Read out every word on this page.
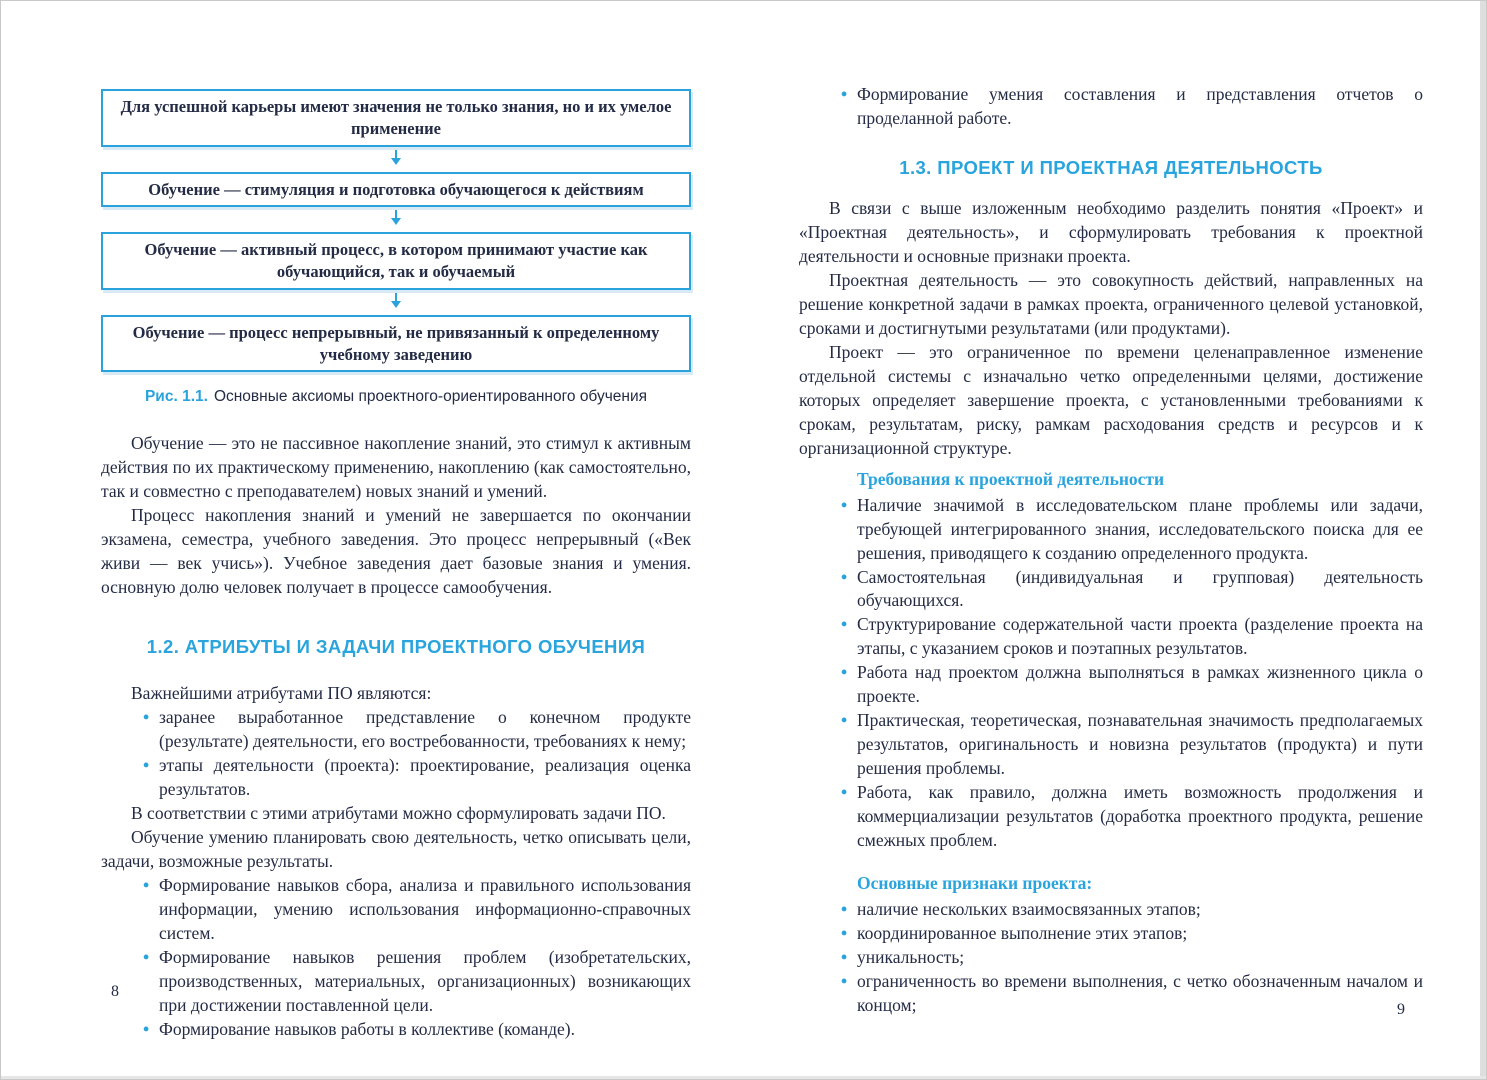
Для успешной карьеры имеют значения не только знания, но и их умелое применение
Обучение — стимуляция и подготовка обучающегося к действиям
Обучение — активный процесс, в котором принимают участие как обучающийся, так и обучаемый
Обучение — процесс непрерывный, не привязанный к определенному учебному заведению
Рис. 1.1. Основные аксиомы проектного-ориентированного обучения

Обучение — это не пассивное накопление знаний, это стимул к активным действия по их практическому применению, накоплению (как самостоятельно, так и совместно с преподавателем) новых знаний и умений.

Процесс накопления знаний и умений не завершается по окончании экзамена, семестра, учебного заведения. Это процесс непрерывный («Век живи — век учись»). Учебное заведения дает базовые знания и умения. основную долю человек получает в процессе самообучения.

1.2. АТРИБУТЫ И ЗАДАЧИ ПРОЕКТНОГО ОБУЧЕНИЯ

Важнейшими атрибутами ПО являются:

•
заранее выработанное представление о конечном продукте (результате) деятельности, его востребованности, требованиях к нему;
•
этапы деятельности (проекта): проектирование, реализация оценка результатов.

В соответствии с этими атрибутами можно сформулировать задачи ПО.

Обучение умению планировать свою деятельность, четко описывать цели, задачи, возможные результаты.

•
Формирование навыков сбора, анализа и правильного использования информации, умению использования информационно-справочных систем.
•
Формирование навыков решения проблем (изобретательских, производственных, материальных, организационных) возникающих при достижении поставленной цели.
•
Формирование навыков работы в коллективе (команде).
•
Формирование умения составления и представления отчетов о проделанной работе.
1.3. ПРОЕКТ И ПРОЕКТНАЯ ДЕЯТЕЛЬНОСТЬ

В связи с выше изложенным необходимо разделить понятия «Проект» и «Проектная деятельность», и сформулировать требования к проектной деятельности и основные признаки проекта.

Проектная деятельность — это совокупность действий, направленных на решение конкретной задачи в рамках проекта, ограниченного целевой установкой, сроками и достигнутыми результатами (или продуктами).

Проект — это ограниченное по времени целенаправленное изменение отдельной системы с изначально четко определенными целями, достижение которых определяет завершение проекта, с установленными требованиями к срокам, результатам, риску, рамкам расходования средств и ресурсов и к организационной структуре.

Требования к проектной деятельности
•
Наличие значимой в исследовательском плане проблемы или задачи, требующей интегрированного знания, исследовательского поиска для ее решения, приводящего к созданию определенного продукта.
•
Самостоятельная (индивидуальная и групповая) деятельность обучающихся.
•
Структурирование содержательной части проекта (разделение проекта на этапы, с указанием сроков и поэтапных результатов.
•
Работа над проектом должна выполняться в рамках жизненного цикла о проекте.
•
Практическая, теоретическая, познавательная значимость предполагаемых результатов, оригинальность и новизна результатов (продукта) и пути решения проблемы.
•
Работа, как правило, должна иметь возможность продолжения и коммерциализации результатов (доработка проектного продукта, решение смежных проблем.
Основные признаки проекта:
•
наличие нескольких взаимосвязанных этапов;
•
координированное выполнение этих этапов;
•
уникальность;
•
ограниченность во времени выполнения, с четко обозначенным началом и концом;
8
9
